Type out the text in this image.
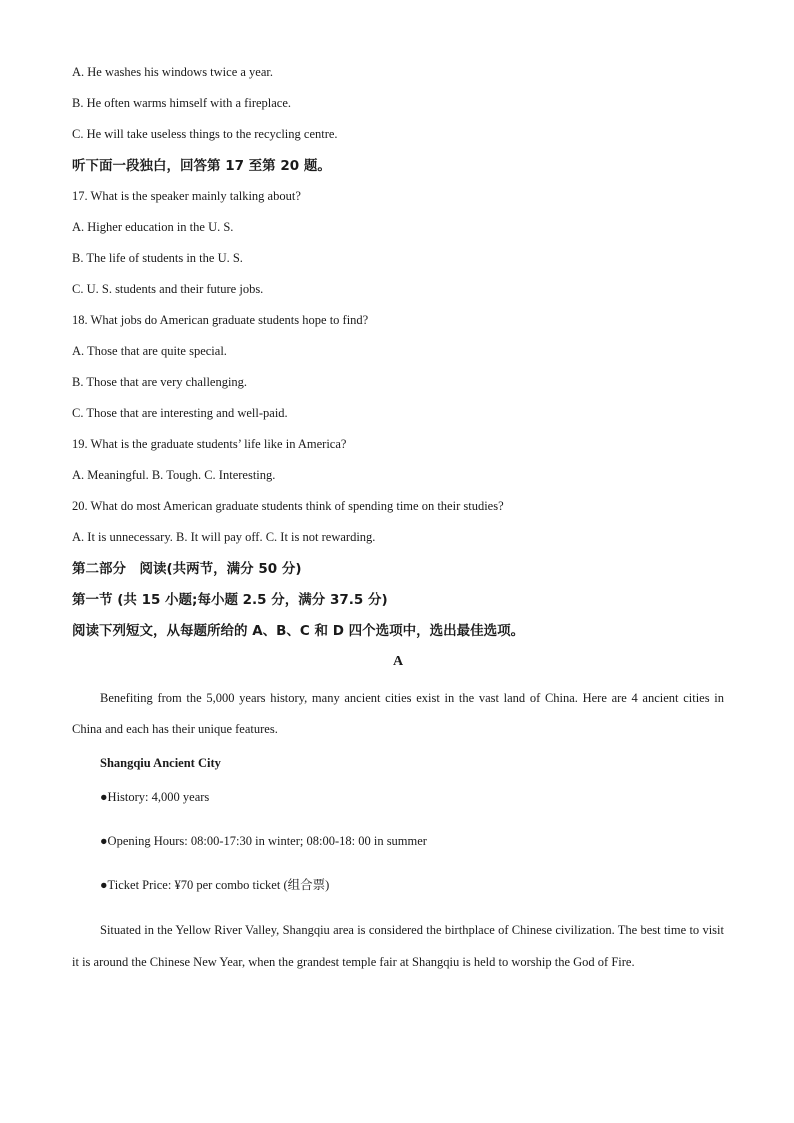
A. He washes his windows twice a year.

B. He often warms himself with a fireplace.

C. He will take useless things to the recycling centre.

听下面一段独白，回答第 17 至第 20 题。

17. What is the speaker mainly talking about?

A. Higher education in the U. S.

B. The life of students in the U. S.

C. U. S. students and their future jobs.

18. What jobs do American graduate students hope to find?

A. Those that are quite special.

B. Those that are very challenging.

C. Those that are interesting and well-paid.

19. What is the graduate students’ life like in America?

A. Meaningful. B. Tough. C. Interesting.

20. What do most American graduate students think of spending time on their studies?

A. It is unnecessary. B. It will pay off. C. It is not rewarding.

第二部分　阅读(共两节，满分 50 分)

第一节 (共 15 小题;每小题 2.5 分，满分 37.5 分)

阅读下列短文，从每题所给的 A、B、C 和 D 四个选项中，选出最佳选项。

A

Benefiting from the 5,000 years history, many ancient cities exist in the vast land of China. Here are 4 ancient cities in China and each has their unique features.

Shangqiu Ancient City

●History: 4,000 years

●Opening Hours: 08:00-17:30 in winter; 08:00-18: 00 in summer

●Ticket Price: ¥70 per combo ticket (组合票)

Situated in the Yellow River Valley, Shangqiu area is considered the birthplace of Chinese civilization. The best time to visit it is around the Chinese New Year, when the grandest temple fair at Shangqiu is held to worship the God of Fire.
